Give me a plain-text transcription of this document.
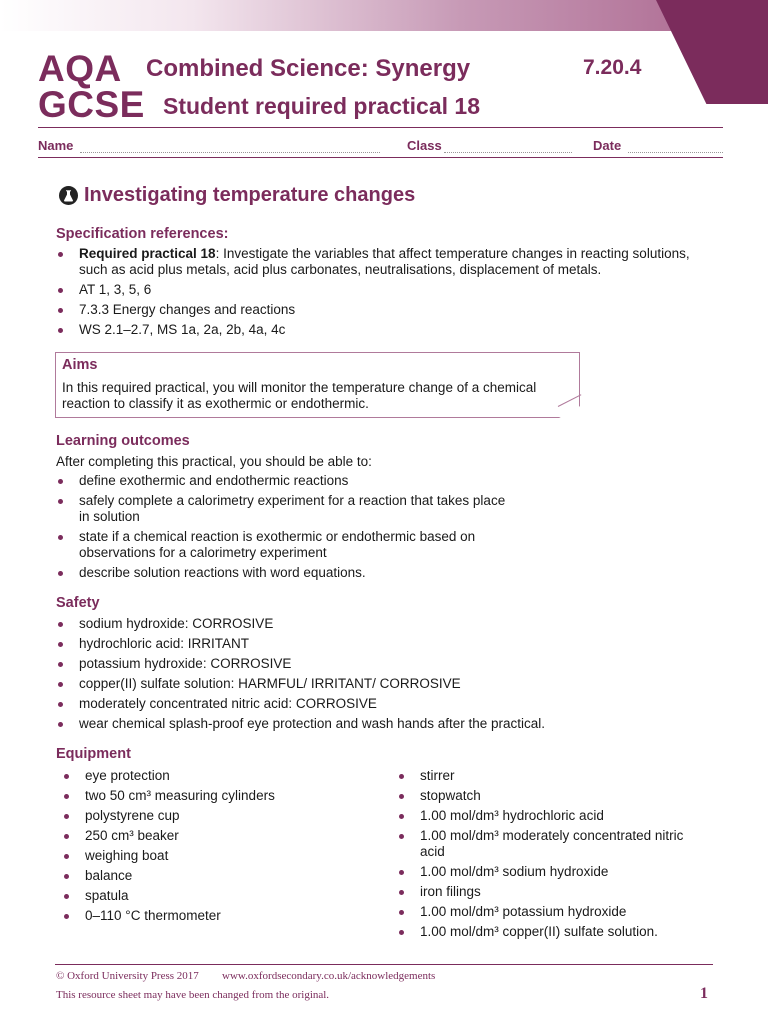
AQA
GCSE
Combined Science: Synergy
Student required practical 18
7.20.4
Name	Class	Date
Investigating temperature changes
Specification references:
Required practical 18: Investigate the variables that affect temperature changes in reacting solutions, such as acid plus metals, acid plus carbonates, neutralisations, displacement of metals.
AT 1, 3, 5, 6
7.3.3 Energy changes and reactions
WS 2.1–2.7, MS 1a, 2a, 2b, 4a, 4c
Aims
In this required practical, you will monitor the temperature change of a chemical reaction to classify it as exothermic or endothermic.
Learning outcomes

After completing this practical, you should be able to:

define exothermic and endothermic reactions
safely complete a calorimetry experiment for a reaction that takes place in solution
state if a chemical reaction is exothermic or endothermic based on observations for a calorimetry experiment
describe solution reactions with word equations.
Safety
sodium hydroxide: CORROSIVE
hydrochloric acid: IRRITANT
potassium hydroxide: CORROSIVE
copper(II) sulfate solution: HARMFUL/ IRRITANT/ CORROSIVE
moderately concentrated nitric acid: CORROSIVE
wear chemical splash-proof eye protection and wash hands after the practical.
Equipment
eye protection
two 50 cm³ measuring cylinders
polystyrene cup
250 cm³ beaker
weighing boat
balance
spatula
0–110 °C thermometer
stirrer
stopwatch
1.00 mol/dm³ hydrochloric acid
1.00 mol/dm³ moderately concentrated nitric acid
1.00 mol/dm³ sodium hydroxide
iron filings
1.00 mol/dm³ potassium hydroxide
1.00 mol/dm³ copper(II) sulfate solution.
© Oxford University Press 2017 www.oxfordsecondary.co.uk/acknowledgements
This resource sheet may have been changed from the original.	1
